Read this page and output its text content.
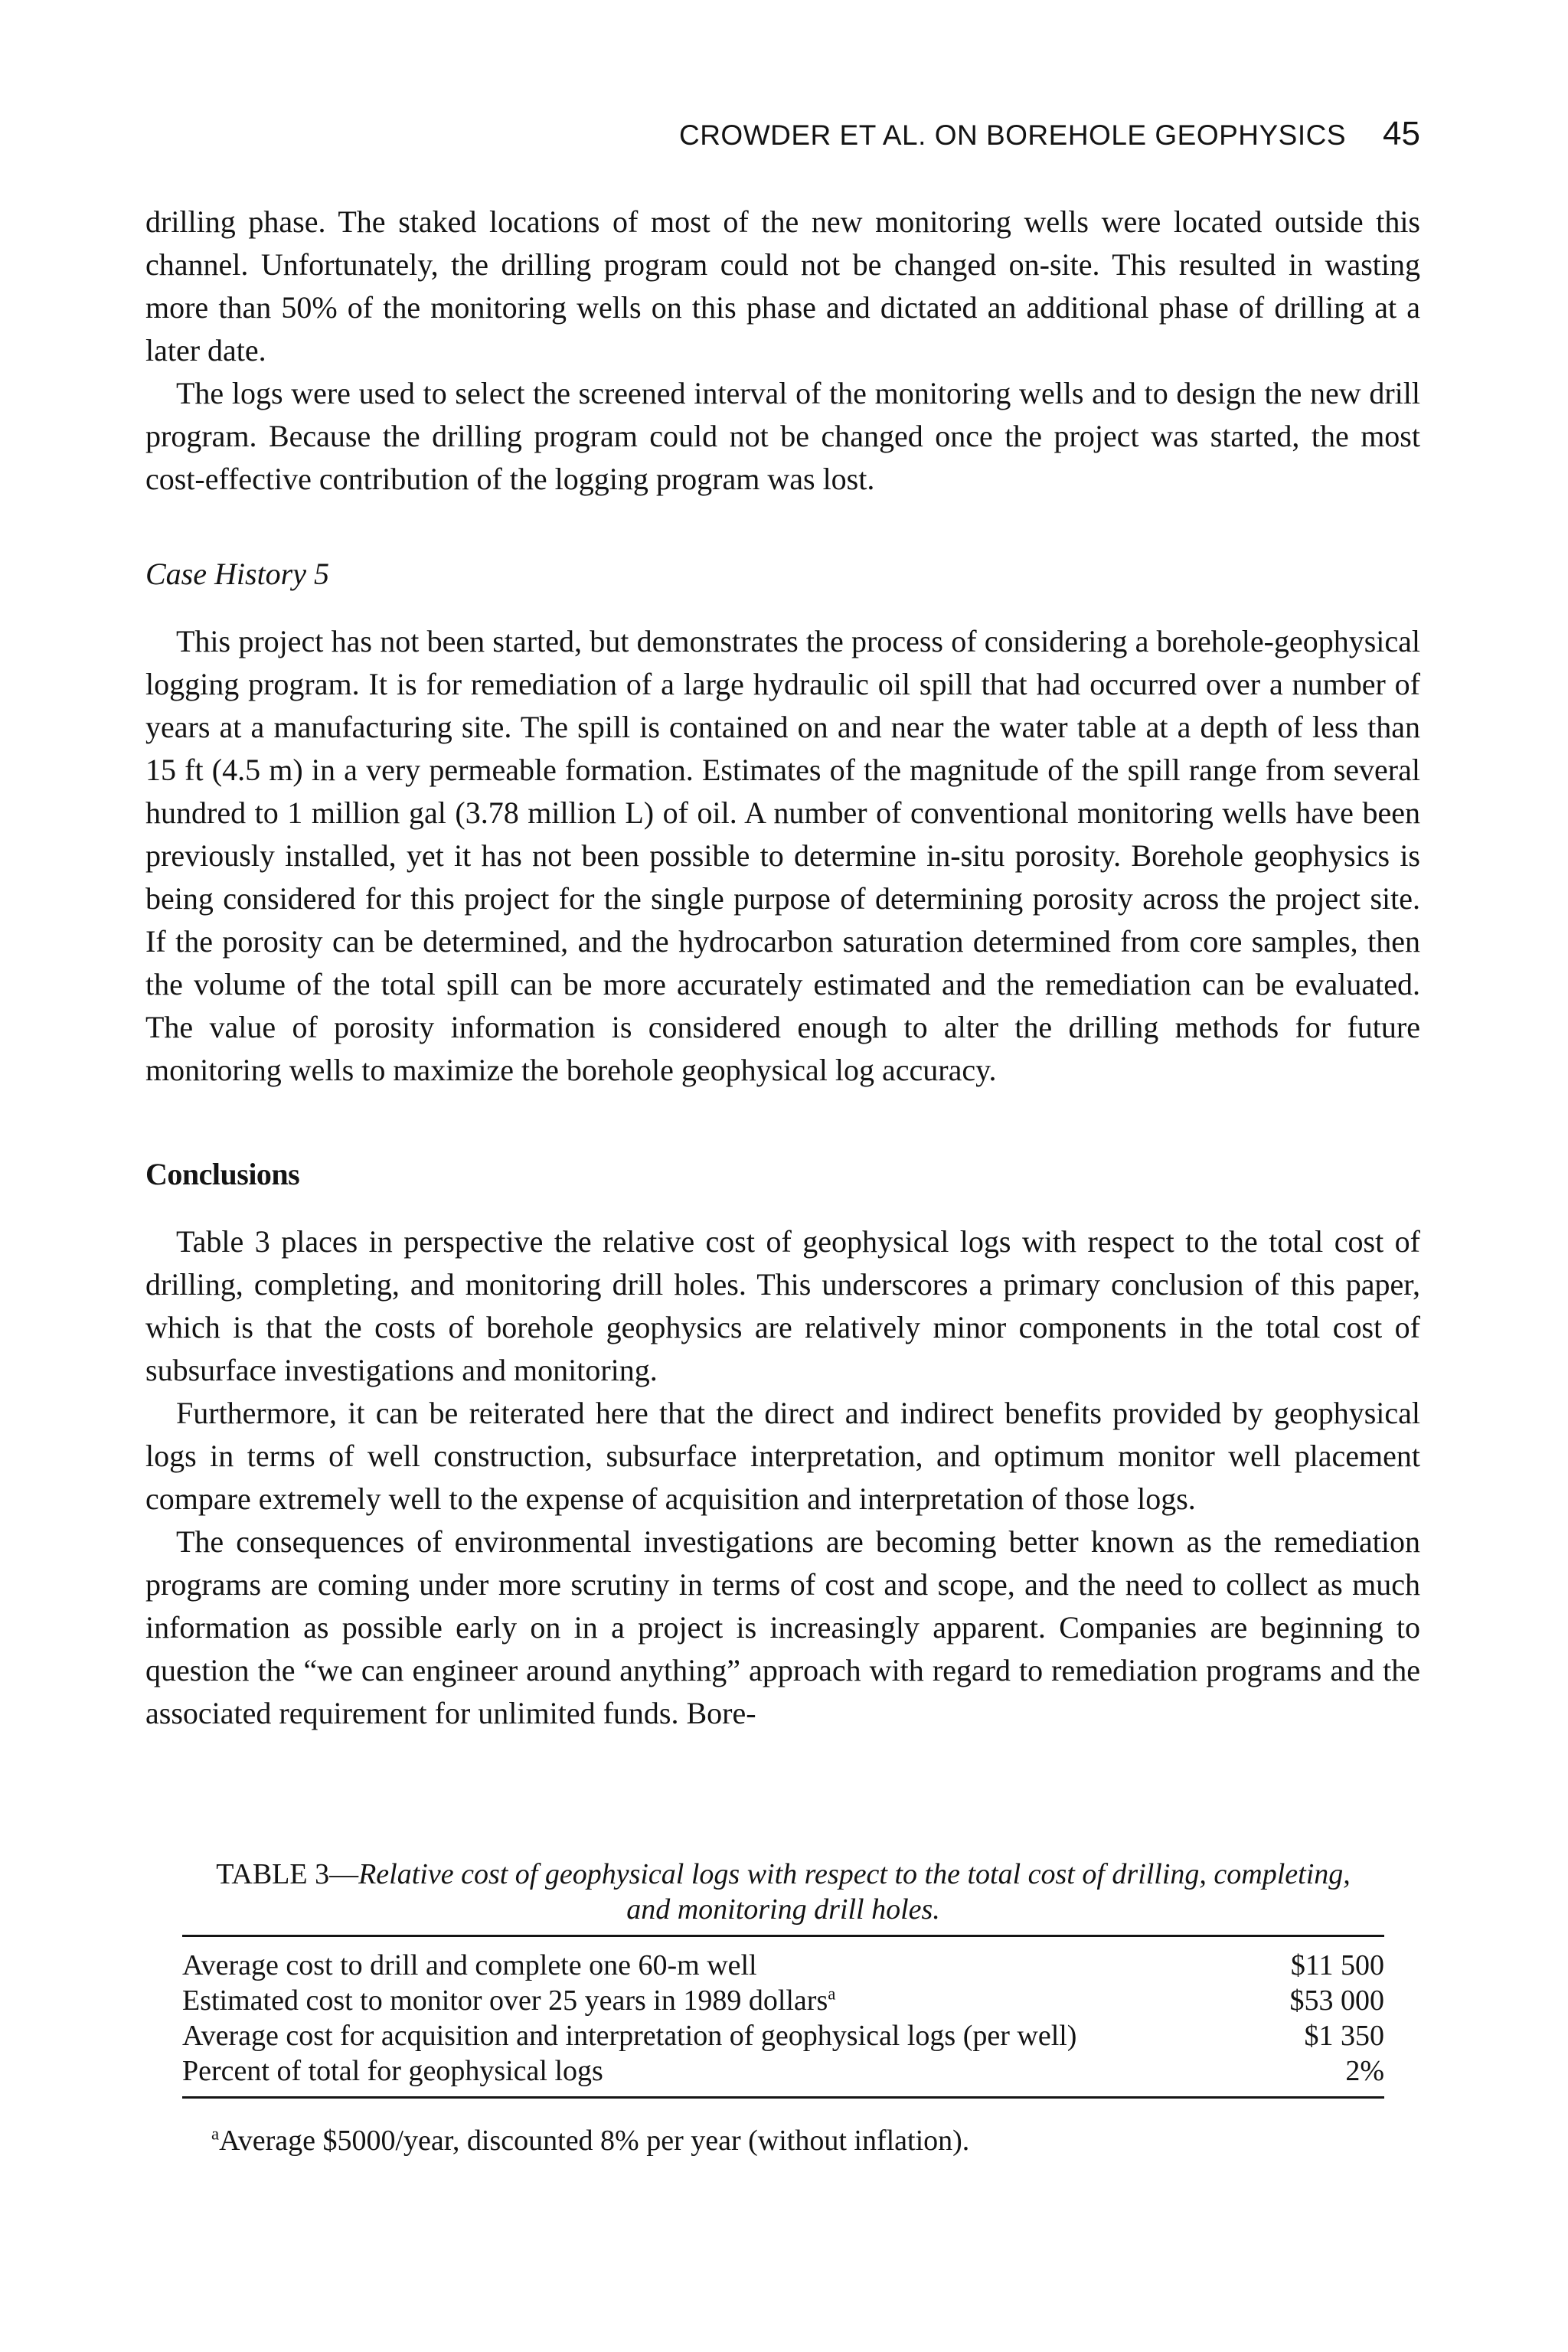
CROWDER ET AL. ON BOREHOLE GEOPHYSICS 45

drilling phase. The staked locations of most of the new monitoring wells were located outside this channel. Unfortunately, the drilling program could not be changed on-site. This resulted in wasting more than 50% of the monitoring wells on this phase and dictated an additional phase of drilling at a later date.

The logs were used to select the screened interval of the monitoring wells and to design the new drill program. Because the drilling program could not be changed once the project was started, the most cost-effective contribution of the logging program was lost.

Case History 5

This project has not been started, but demonstrates the process of considering a borehole-geophysical logging program. It is for remediation of a large hydraulic oil spill that had occurred over a number of years at a manufacturing site. The spill is contained on and near the water table at a depth of less than 15 ft (4.5 m) in a very permeable formation. Estimates of the magnitude of the spill range from several hundred to 1 million gal (3.78 million L) of oil. A number of conventional monitoring wells have been previously installed, yet it has not been possible to determine in-situ porosity. Borehole geophysics is being considered for this project for the single purpose of determining porosity across the project site. If the porosity can be determined, and the hydrocarbon saturation determined from core samples, then the volume of the total spill can be more accurately estimated and the remediation can be evaluated. The value of porosity information is considered enough to alter the drilling methods for future monitoring wells to maximize the borehole geophysical log accuracy.

Conclusions

Table 3 places in perspective the relative cost of geophysical logs with respect to the total cost of drilling, completing, and monitoring drill holes. This underscores a primary conclusion of this paper, which is that the costs of borehole geophysics are relatively minor components in the total cost of subsurface investigations and monitoring.

Furthermore, it can be reiterated here that the direct and indirect benefits provided by geophysical logs in terms of well construction, subsurface interpretation, and optimum monitor well placement compare extremely well to the expense of acquisition and interpretation of those logs.

The consequences of environmental investigations are becoming better known as the remediation programs are coming under more scrutiny in terms of cost and scope, and the need to collect as much information as possible early on in a project is increasingly apparent. Companies are beginning to question the “we can engineer around anything” approach with regard to remediation programs and the associated requirement for unlimited funds. Bore-

TABLE 3—Relative cost of geophysical logs with respect to the total cost of drilling, completing, and monitoring drill holes.
Average cost to drill and complete one 60-m well	$11 500
Estimated cost to monitor over 25 years in 1989 dollars$^a$	$53 000
Average cost for acquisition and interpretation of geophysical logs (per well)	$1 350
Percent of total for geophysical logs	2%
$^a$Average $5000/year, discounted 8% per year (without inflation).
